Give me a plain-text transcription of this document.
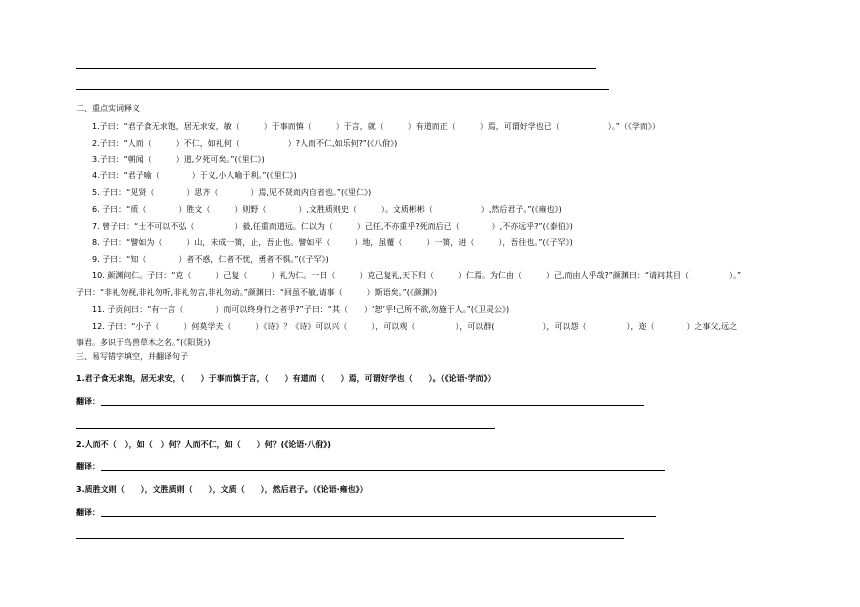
二、重点实词释义
1.子曰：“君子食无求饱，居无求安，敏（　　　）于事而慎（　　　）于言，就（　　　）有道而正（　　　）焉，可谓好学也已（　　　　　　）。”（《学而》）
2.子曰：“人而（　　　）不仁，如礼何（　　　　　　）?人而不仁,如乐何?”(《八佾》)
3.子曰：“朝闻（　　　）道,夕死可矣。”(《里仁》)
4.子曰：“君子喻（　　　　）于义,小人喻于利。”(《里仁》)
5. 子曰：“见贤（　　　　）思齐（　　　　）焉,见不贤而内自省也。”(《里仁》)
6. 子曰：“质（　　　　）胜文（　　　）则野（　　　　）,文胜质则史（　　　）。文质彬彬（　　　　　　）,然后君子。”(《雍也》)
7. 曾子曰：“士不可以不弘（　　　　　）毅,任重而道远。仁以为（　　　）己任,不亦重乎?死而后已（　　　　）,不亦远乎?”(《泰伯》)
8. 子曰：“譬如为（　　　）山，未成一篑，止，吾止也。譬如平（　　　）地，虽覆（　　　）一篑，进（　　　），吾往也。”(《子罕》)
9. 子曰：“知（　　　　）者不惑，仁者不忧，勇者不惧。”(《子罕》)
10. 颜渊问仁。子曰：“克（　　　）己复（　　　）礼为仁。一日（　　　）克己复礼,天下归（　　　）仁焉。为仁由（　　　）己,而由人乎哉?”颜渊曰：“请问其目（　　　　　）。”
子曰：“非礼勿视,非礼勿听,非礼勿言,非礼勿动。”颜渊曰：“回虽不敏,请事（　　　）斯语矣。”(《颜渊》)
11. 子贡问曰：“有一言（　　　　）而可以终身行之者乎?”子曰：“其（　　）‘恕’乎!己所不欲,勿施于人。”(《卫灵公》)
12. 子曰：“小子（　　　）何莫学夫（　　　）《诗》？《诗》可以兴（　　　），可以观（　　　　　），可以群(　　　　　　），可以怨（　　　　　），迩（　　　　）之事父,远之
事君。多识于鸟兽草木之名。”(《阳货》)
三、易写错字填空，并翻译句子
1.君子食无求饱，居无求安，（　　）于事而慎于言，（　　）有道而（　　）焉，可谓好学也（　　）。（《论语·学而》）
翻译：
2.人而不（　），如（　）何？人而不仁，如（　　）何？(《论语·八佾》)
翻译：
3.质胜文则（　　），文胜质则（　　），文质（　　），然后君子。（《论语·雍也》）
翻译：
